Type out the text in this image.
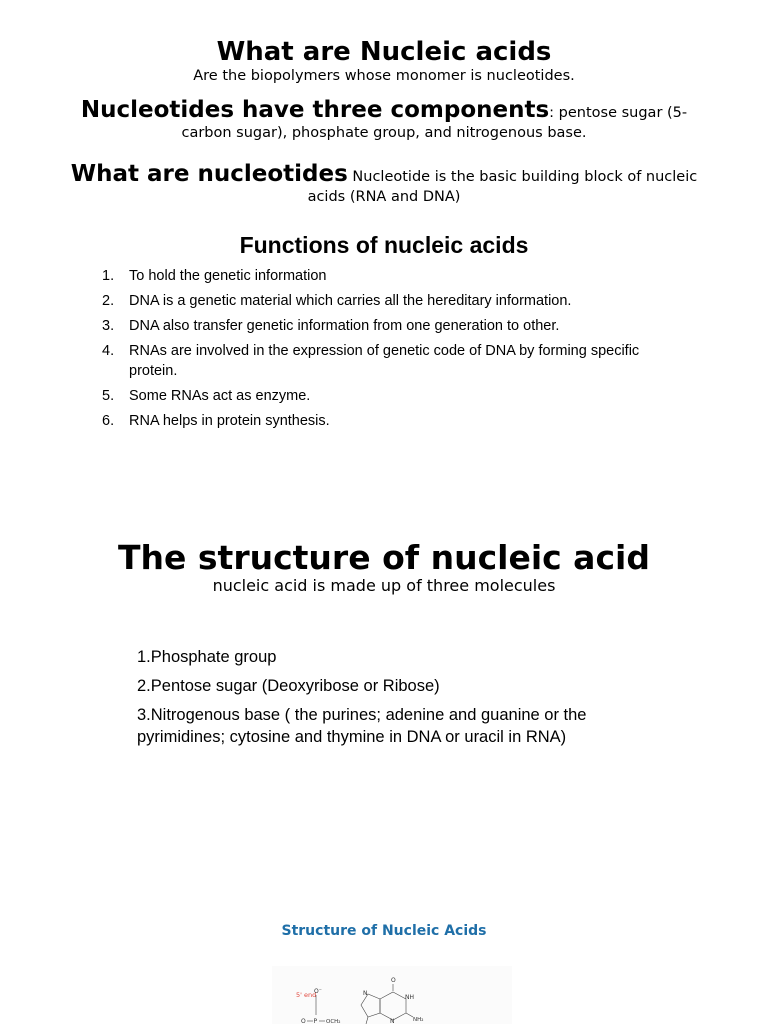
What are Nucleic acids

Are the biopolymers whose monomer is nucleotides.

Nucleotides have three components: pentose sugar (5-carbon sugar), phosphate group, and nitrogenous base.

What are nucleotides Nucleotide is the basic building block of nucleic acids (RNA and DNA)

Functions of nucleic acids
1. To hold the genetic information
2. DNA is a genetic material which carries all the hereditary information.
3. DNA also transfer genetic information from one generation to other.
4. RNAs are involved in the expression of genetic code of DNA by forming specific protein.
5. Some RNAs act as enzyme.
6. RNA helps in protein synthesis.
The structure of nucleic acid

nucleic acid is made up of three molecules

1.Phosphate group
2.Pentose sugar (Deoxyribose or Ribose)
3.Nitrogenous base ( the purines; adenine and guanine or the pyrimidines; cytosine and thymine in DNA or uracil in RNA)

Structure of Nucleic Acids

5' end
O⁻
O P OCH₂
O
N
NH
N	NH₂
